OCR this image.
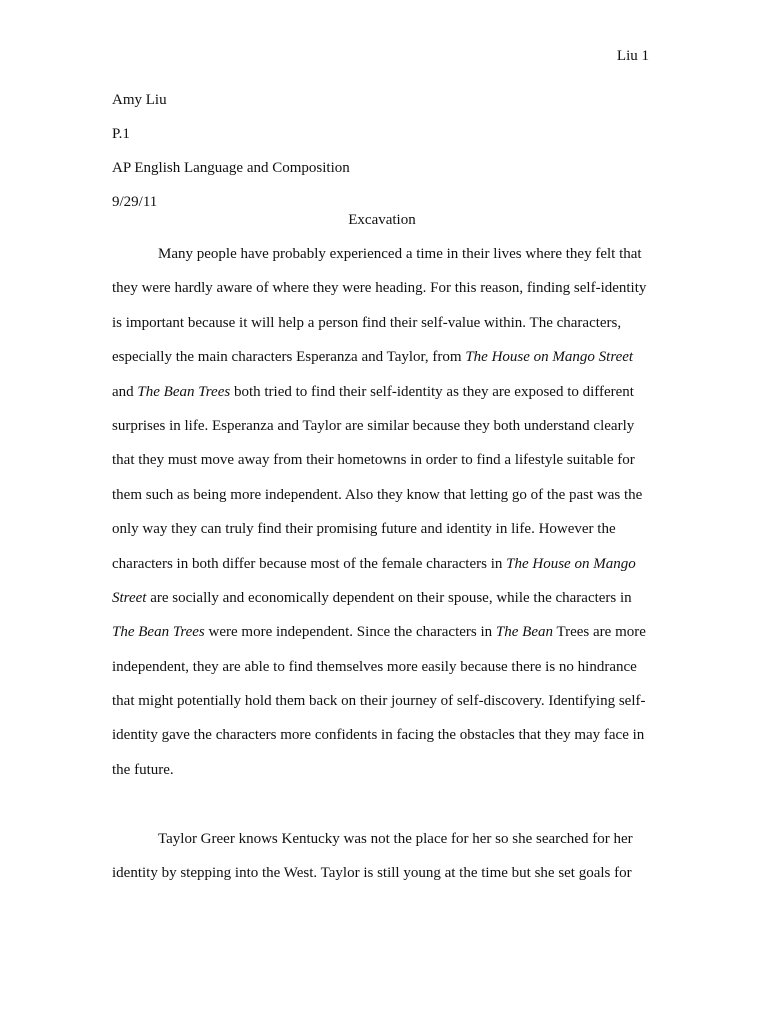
Liu 1
Amy Liu
P.1
AP English Language and Composition
9/29/11
Excavation
Many people have probably experienced a time in their lives where they felt that
they were hardly aware of where they were heading. For this reason, finding self-identity
is important because it will help a person find their self-value within. The characters,
especially the main characters Esperanza and Taylor, from The House on Mango Street
and The Bean Trees both tried to find their self-identity as they are exposed to different
surprises in life. Esperanza and Taylor are similar because they both understand clearly
that they must move away from their hometowns in order to find a lifestyle suitable for
them such as being more independent. Also they know that letting go of the past was the
only way they can truly find their promising future and identity in life. However the
characters in both differ because most of the female characters in The House on Mango
Street are socially and economically dependent on their spouse, while the characters in
The Bean Trees were more independent. Since the characters in The Bean Trees are more
independent, they are able to find themselves more easily because there is no hindrance
that might potentially hold them back on their journey of self-discovery. Identifying self-
identity gave the characters more confidents in facing the obstacles that they may face in
the future.
Taylor Greer knows Kentucky was not the place for her so she searched for her
identity by stepping into the West. Taylor is still young at the time but she set goals for
